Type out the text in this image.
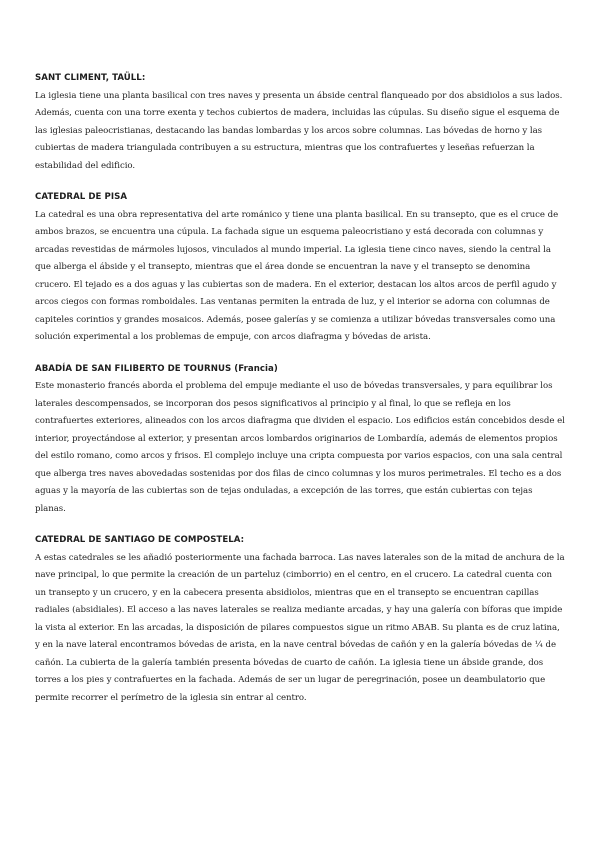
SANT CLIMENT, TAÜLL:

La iglesia tiene una planta basilical con tres naves y presenta un ábside central flanqueado por dos absidiolos a sus lados. Además, cuenta con una torre exenta y techos cubiertos de madera, incluidas las cúpulas. Su diseño sigue el esquema de las iglesias paleocristianas, destacando las bandas lombardas y los arcos sobre columnas. Las bóvedas de horno y las cubiertas de madera triangulada contribuyen a su estructura, mientras que los contrafuertes y leseñas refuerzan la estabilidad del edificio.

CATEDRAL DE PISA

La catedral es una obra representativa del arte románico y tiene una planta basilical. En su transepto, que es el cruce de ambos brazos, se encuentra una cúpula. La fachada sigue un esquema paleocristiano y está decorada con columnas y arcadas revestidas de mármoles lujosos, vinculados al mundo imperial. La iglesia tiene cinco naves, siendo la central la que alberga el ábside y el transepto, mientras que el área donde se encuentran la nave y el transepto se denomina crucero. El tejado es a dos aguas y las cubiertas son de madera. En el exterior, destacan los altos arcos de perfil agudo y arcos ciegos con formas romboidales. Las ventanas permiten la entrada de luz, y el interior se adorna con columnas de capiteles corintios y grandes mosaicos. Además, posee galerías y se comienza a utilizar bóvedas transversales como una solución experimental a los problemas de empuje, con arcos diafragma y bóvedas de arista.

ABADÍA DE SAN FILIBERTO DE TOURNUS (Francia)

Este monasterio francés aborda el problema del empuje mediante el uso de bóvedas transversales, y para equilibrar los laterales descompensados, se incorporan dos pesos significativos al principio y al final, lo que se refleja en los contrafuertes exteriores, alineados con los arcos diafragma que dividen el espacio. Los edificios están concebidos desde el interior, proyectándose al exterior, y presentan arcos lombardos originarios de Lombardía, además de elementos propios del estilo romano, como arcos y frisos. El complejo incluye una cripta compuesta por varios espacios, con una sala central que alberga tres naves abovedadas sostenidas por dos filas de cinco columnas y los muros perimetrales. El techo es a dos aguas y la mayoría de las cubiertas son de tejas onduladas, a excepción de las torres, que están cubiertas con tejas planas.

CATEDRAL DE SANTIAGO DE COMPOSTELA:

A estas catedrales se les añadió posteriormente una fachada barroca. Las naves laterales son de la mitad de anchura de la nave principal, lo que permite la creación de un parteluz (cimborrio) en el centro, en el crucero. La catedral cuenta con un transepto y un crucero, y en la cabecera presenta absidiolos, mientras que en el transepto se encuentran capillas radiales (absidiales). El acceso a las naves laterales se realiza mediante arcadas, y hay una galería con bíforas que impide la vista al exterior. En las arcadas, la disposición de pilares compuestos sigue un ritmo ABAB. Su planta es de cruz latina, y en la nave lateral encontramos bóvedas de arista, en la nave central bóvedas de cañón y en la galería bóvedas de ¼ de cañón. La cubierta de la galería también presenta bóvedas de cuarto de cañón. La iglesia tiene un ábside grande, dos torres a los pies y contrafuertes en la fachada. Además de ser un lugar de peregrinación, posee un deambulatorio que permite recorrer el perímetro de la iglesia sin entrar al centro.
